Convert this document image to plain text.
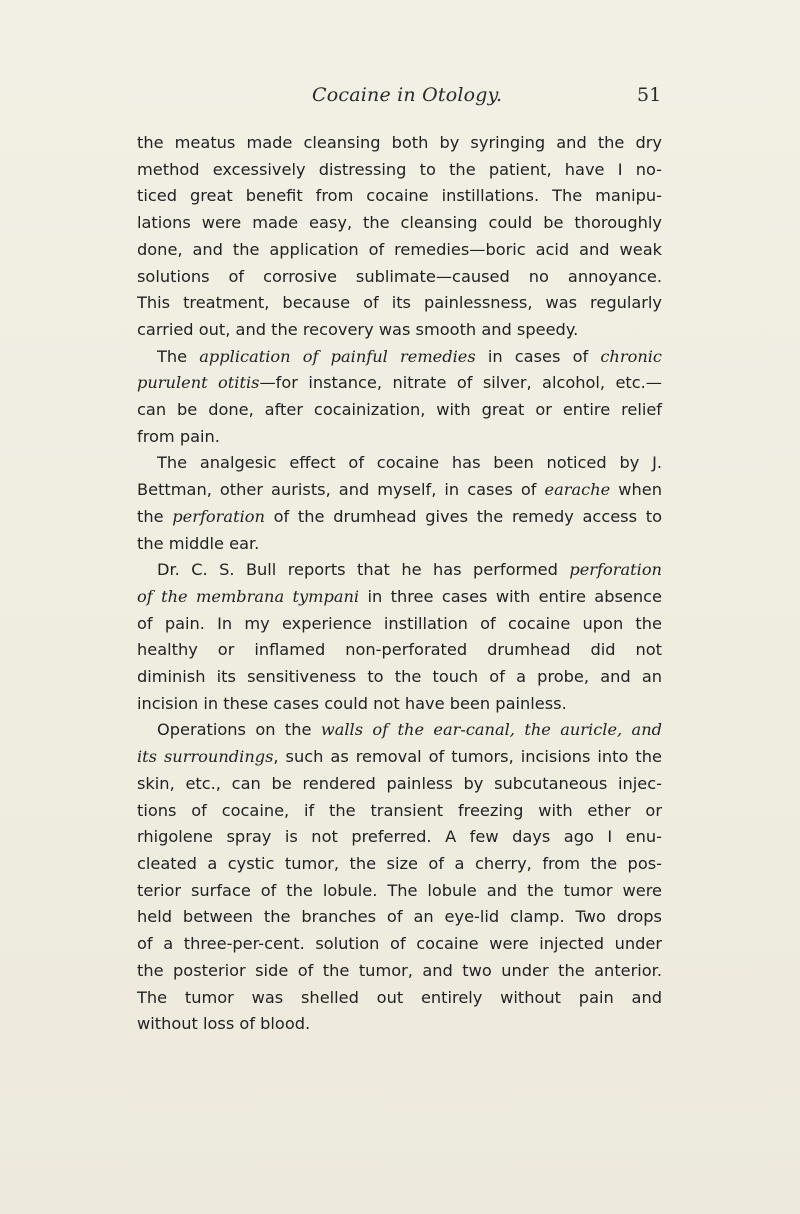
Cocaine in Otology.	51
the meatus made cleansing both by syringing and the dry
method excessively distressing to the patient, have I no-
ticed great benefit from cocaine instillations. The manipu-
lations were made easy, the cleansing could be thoroughly
done, and the application of remedies—boric acid and weak
solutions of corrosive sublimate—caused no annoyance.
This treatment, because of its painlessness, was regularly
carried out, and the recovery was smooth and speedy.
The application of painful remedies in cases of chronic
purulent otitis—for instance, nitrate of silver, alcohol, etc.—
can be done, after cocainization, with great or entire relief
from pain.
The analgesic effect of cocaine has been noticed by J.
Bettman, other aurists, and myself, in cases of earache when
the perforation of the drumhead gives the remedy access to
the middle ear.
Dr. C. S. Bull reports that he has performed perforation
of the membrana tympani in three cases with entire absence
of pain. In my experience instillation of cocaine upon the
healthy or inflamed non-perforated drumhead did not
diminish its sensitiveness to the touch of a probe, and an
incision in these cases could not have been painless.
Operations on the walls of the ear-canal, the auricle, and
its surroundings, such as removal of tumors, incisions into the
skin, etc., can be rendered painless by subcutaneous injec-
tions of cocaine, if the transient freezing with ether or
rhigolene spray is not preferred. A few days ago I enu-
cleated a cystic tumor, the size of a cherry, from the pos-
terior surface of the lobule. The lobule and the tumor were
held between the branches of an eye-lid clamp. Two drops
of a three-per-cent. solution of cocaine were injected under
the posterior side of the tumor, and two under the anterior.
The tumor was shelled out entirely without pain and
without loss of blood.
